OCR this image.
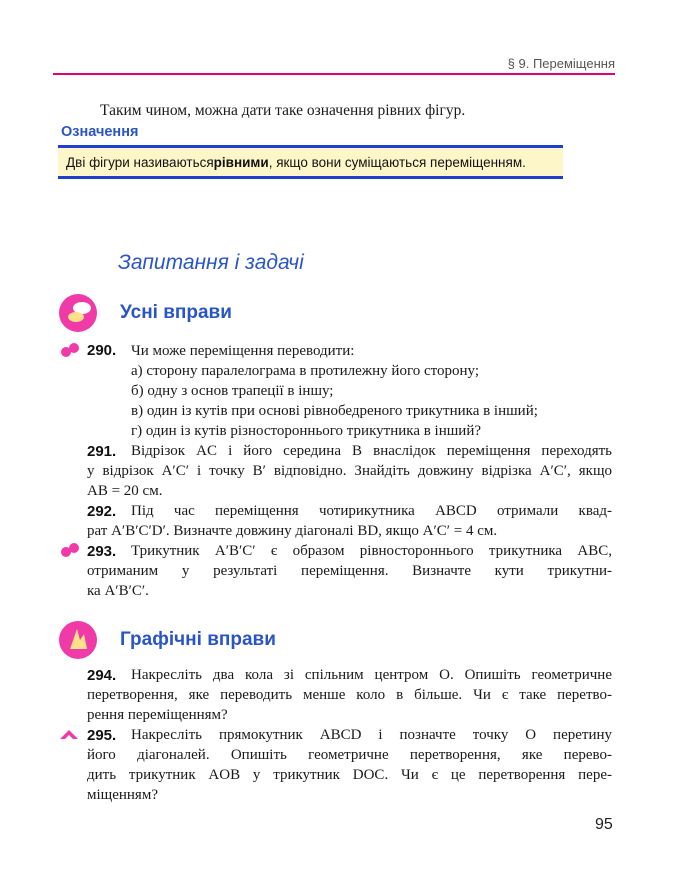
§ 9. Переміщення
Таким чином, можна дати таке означення рівних фігур.
Означення
Дві фігури називаються рівними , якщо вони суміщаються переміщенням.
Запитання і задачі
Усні вправи
290. Чи може переміщення переводити:
а) сторону паралелограма в протилежну його сторону;
б) одну з основ трапеції в іншу;
в) один із кутів при основі рівнобедреного трикутника в інший;
г) один із кутів різностороннього трикутника в інший?
291. Відрізок AC і його середина B внаслідок переміщення переходять
у відрізок A′C′ і точку B′ відповідно. Знайдіть довжину відрізка A′C′, якщо
AB = 20 см.
292. Під час переміщення чотирикутника ABCD отримали квад-
рат A′B′C′D′. Визначте довжину діагоналі BD, якщо A′C′ = 4 см.
293. Трикутник A′B′C′ є образом рівностороннього трикутника ABC,
отриманим у результаті переміщення. Визначте кути трикутни-
ка A′B′C′.
Графічні вправи
294. Накресліть два кола зі спільним центром O. Опишіть геометричне
перетворення, яке переводить менше коло в більше. Чи є таке перетво-
рення переміщенням?
295. Накресліть прямокутник ABCD і позначте точку O перетину
його діагоналей. Опишіть геометричне перетворення, яке перево-
дить трикутник AOB у трикутник DOC. Чи є це перетворення пере-
міщенням?
95
